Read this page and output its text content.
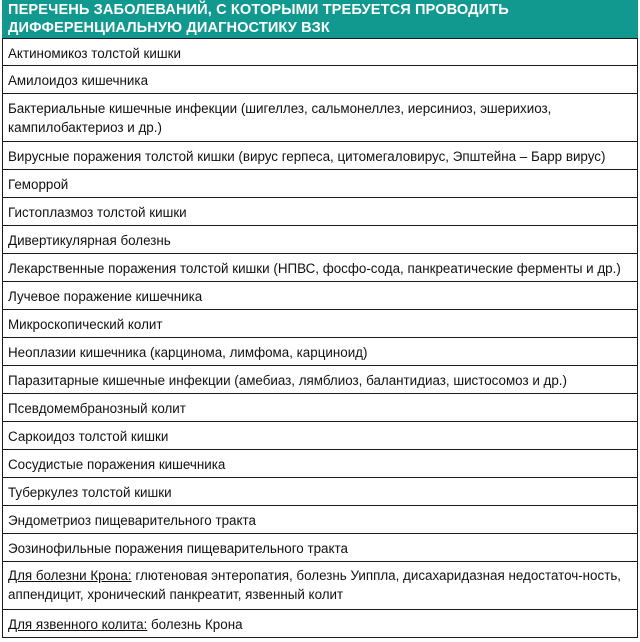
ПЕРЕЧЕНЬ ЗАБОЛЕВАНИЙ, С КОТОРЫМИ ТРЕБУЕТСЯ ПРОВОДИТЬ
ДИФФЕРЕНЦИАЛЬНУЮ ДИАГНОСТИКУ ВЗК
Актиномикоз толстой кишки
Амилоидоз кишечника
Бактериальные кишечные инфекции (шигеллез, сальмонеллез, иерсиниоз, эшерихиоз, кампилобактериоз и др.)
Вирусные поражения толстой кишки (вирус герпеса, цитомегаловирус, Эпштейна – Барр вирус)
Геморрой
Гистоплазмоз толстой кишки
Дивертикулярная болезнь
Лекарственные поражения толстой кишки (НПВС, фосфо-сода, панкреатические ферменты и др.)
Лучевое поражение кишечника
Микроскопический колит
Неоплазии кишечника (карцинома, лимфома, карциноид)
Паразитарные кишечные инфекции (амебиаз, лямблиоз, балантидиаз, шистосомоз и др.)
Псевдомембранозный колит
Саркоидоз толстой кишки
Сосудистые поражения кишечника
Туберкулез толстой кишки
Эндометриоз пищеварительного тракта
Эозинофильные поражения пищеварительного тракта
Для болезни Крона: глютеновая энтеропатия, болезнь Уиппла, дисахаридазная недостаточ-ность, аппендицит, хронический панкреатит, язвенный колит
Для язвенного колита: болезнь Крона
